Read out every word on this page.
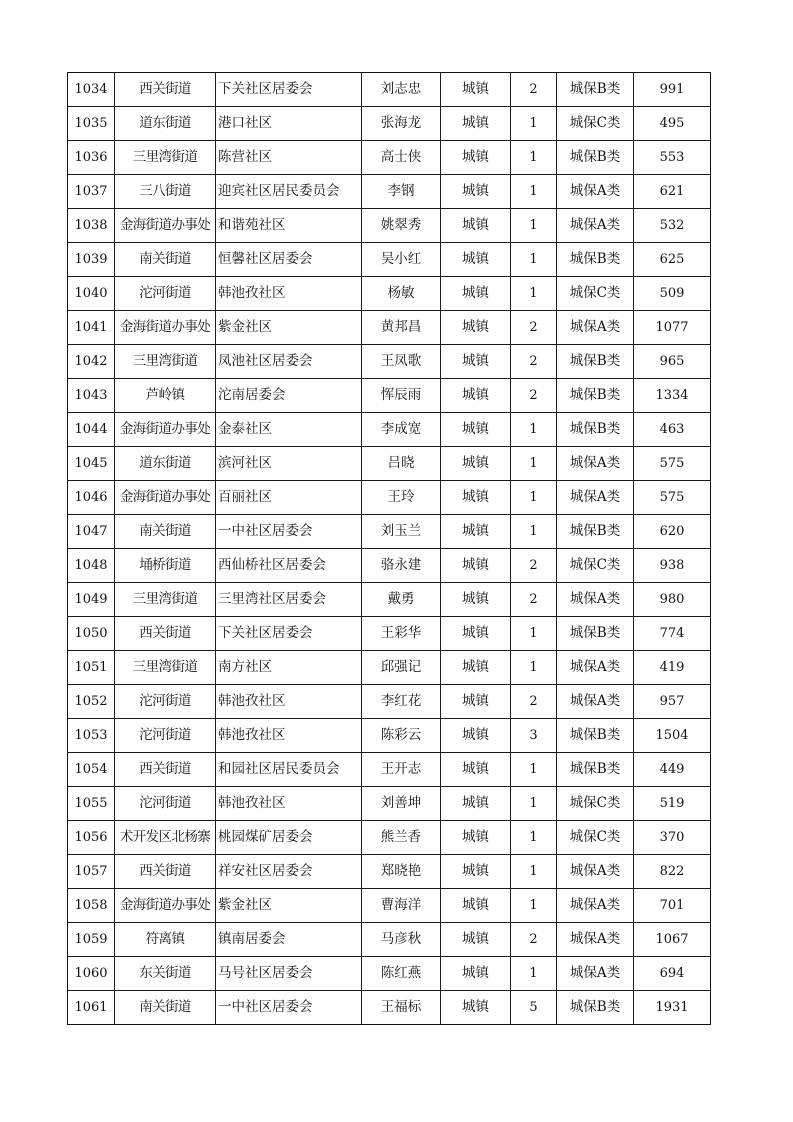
1034	西关街道	下关社区居委会	刘志忠	城镇	2	城保B类	991
1035	道东街道	港口社区	张海龙	城镇	1	城保C类	495
1036	三里湾街道	陈营社区	高士侠	城镇	1	城保B类	553
1037	三八街道	迎宾社区居民委员会	李钢	城镇	1	城保A类	621
1038	金海街道办事处	和谐苑社区	姚翠秀	城镇	1	城保A类	532
1039	南关街道	恒馨社区居委会	吴小红	城镇	1	城保B类	625
1040	沱河街道	韩池孜社区	杨敏	城镇	1	城保C类	509
1041	金海街道办事处	紫金社区	黄邦昌	城镇	2	城保A类	1077
1042	三里湾街道	凤池社区居委会	王凤歌	城镇	2	城保B类	965
1043	芦岭镇	沱南居委会	恽辰雨	城镇	2	城保B类	1334
1044	金海街道办事处	金泰社区	李成宽	城镇	1	城保B类	463
1045	道东街道	滨河社区	吕晓	城镇	1	城保A类	575
1046	金海街道办事处	百丽社区	王玲	城镇	1	城保A类	575
1047	南关街道	一中社区居委会	刘玉兰	城镇	1	城保B类	620
1048	埇桥街道	西仙桥社区居委会	骆永建	城镇	2	城保C类	938
1049	三里湾街道	三里湾社区居委会	戴勇	城镇	2	城保A类	980
1050	西关街道	下关社区居委会	王彩华	城镇	1	城保B类	774
1051	三里湾街道	南方社区	邱强记	城镇	1	城保A类	419
1052	沱河街道	韩池孜社区	李红花	城镇	2	城保A类	957
1053	沱河街道	韩池孜社区	陈彩云	城镇	3	城保B类	1504
1054	西关街道	和园社区居民委员会	王开志	城镇	1	城保B类	449
1055	沱河街道	韩池孜社区	刘善坤	城镇	1	城保C类	519
1056	术开发区北杨寨	桃园煤矿居委会	熊兰香	城镇	1	城保C类	370
1057	西关街道	祥安社区居委会	郑晓艳	城镇	1	城保A类	822
1058	金海街道办事处	紫金社区	曹海洋	城镇	1	城保A类	701
1059	符离镇	镇南居委会	马彦秋	城镇	2	城保A类	1067
1060	东关街道	马号社区居委会	陈红燕	城镇	1	城保A类	694
1061	南关街道	一中社区居委会	王福标	城镇	5	城保B类	1931
